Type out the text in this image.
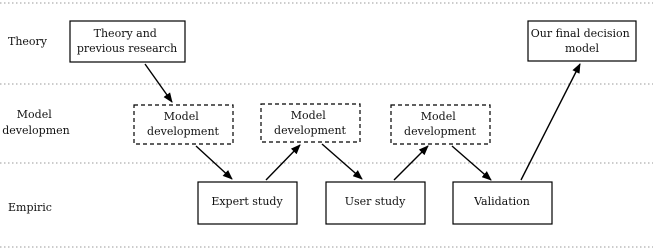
Theory
Model developmen
Empiric
Theory and previous research
Model development
Model development
Model development
Expert study	User study	Validation
Our final decision model
